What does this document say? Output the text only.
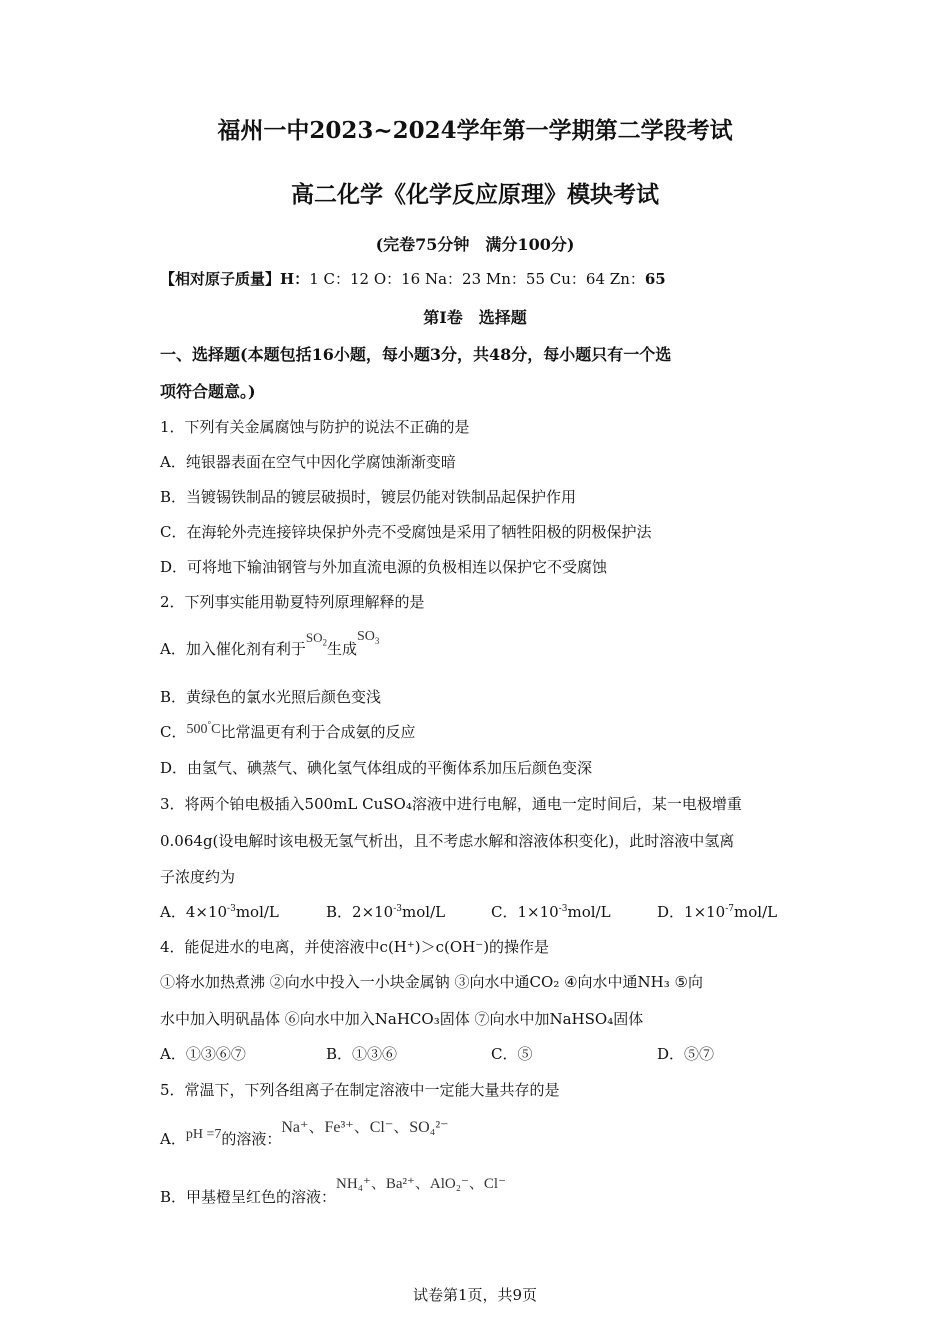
福州一中2023~2024学年第一学期第二学段考试
高二化学《化学反应原理》模块考试
(完卷75分钟　满分100分)
【相对原子质量】H：1 C：12 O：16 Na：23 Mn：55 Cu：64 Zn：65
第Ⅰ卷　选择题
一、选择题(本题包括16小题，每小题3分，共48分，每小题只有一个选
项符合题意。)
1．下列有关金属腐蚀与防护的说法不正确的是
A．纯银器表面在空气中因化学腐蚀渐渐变暗
B．当镀锡铁制品的镀层破损时，镀层仍能对铁制品起保护作用
C．在海轮外壳连接锌块保护外壳不受腐蚀是采用了牺牲阳极的阴极保护法
D．可将地下输油钢管与外加直流电源的负极相连以保护它不受腐蚀
2．下列事实能用勒夏特列原理解释的是
A．加入催化剂有利于$SO_2$生成$SO_3$
B．黄绿色的氯水光照后颜色变浅
C．500°C比常温更有利于合成氨的反应
D．由氢气、碘蒸气、碘化氢气体组成的平衡体系加压后颜色变深
3．将两个铂电极插入500mL CuSO₄溶液中进行电解，通电一定时间后，某一电极增重
0.064g(设电解时该电极无氢气析出，且不考虑水解和溶液体积变化)，此时溶液中氢离
子浓度约为
A．$4\times 10^{-3}mol/L$	B．$2\times 10^{-3}mol/L$	C．$1\times 10^{-3}mol/L$	D．$1\times 10^{-7}mol/L$
4．能促进水的电离，并使溶液中c(H⁺)＞c(OH⁻)的操作是
①将水加热煮沸 ②向水中投入一小块金属钠 ③向水中通CO₂ ④向水中通NH₃ ⑤向
水中加入明矾晶体 ⑥向水中加入NaHCO₃固体 ⑦向水中加NaHSO₄固体
A．①③⑥⑦	B．①③⑥	C．⑤	D．⑤⑦
5．常温下，下列各组离子在制定溶液中一定能大量共存的是
A．pH =7的溶液：Na⁺、Fe³⁺、Cl⁻、SO₄²⁻
B．甲基橙呈红色的溶液：NH₄⁺、Ba²⁺、AlO₂⁻、Cl⁻
试卷第1页，共9页
